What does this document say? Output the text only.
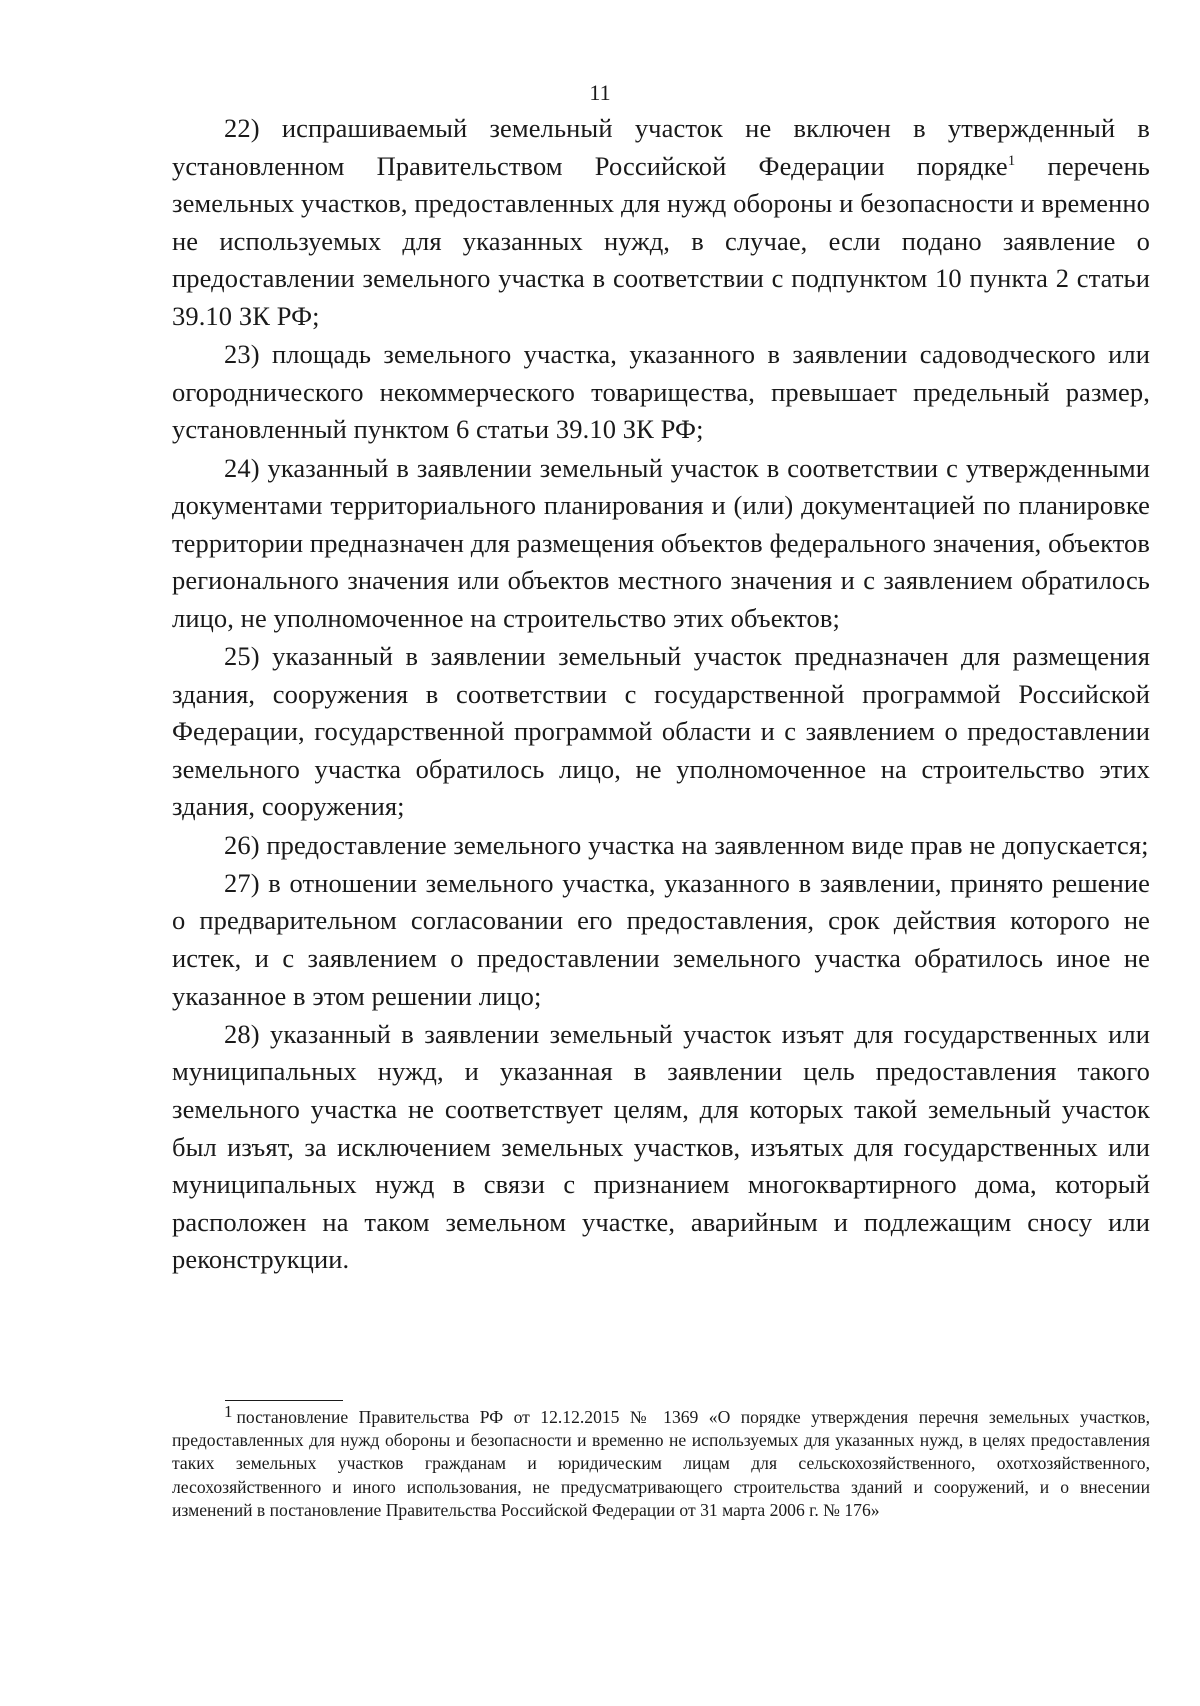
11

22) испрашиваемый земельный участок не включен в утвержденный в установленном Правительством Российской Федерации порядке$^1$ перечень земельных участков, предоставленных для нужд обороны и безопасности и временно не используемых для указанных нужд, в случае, если подано заявление о предоставлении земельного участка в соответствии с подпунктом 10 пункта 2 статьи 39.10 ЗК РФ;

23) площадь земельного участка, указанного в заявлении садоводческого или огороднического некоммерческого товарищества, превышает предельный размер, установленный пунктом 6 статьи 39.10 ЗК РФ;

24) указанный в заявлении земельный участок в соответствии с утвержденными документами территориального планирования и (или) документацией по планировке территории предназначен для размещения объектов федерального значения, объектов регионального значения или объектов местного значения и с заявлением обратилось лицо, не уполномоченное на строительство этих объектов;

25) указанный в заявлении земельный участок предназначен для размещения здания, сооружения в соответствии с государственной программой Российской Федерации, государственной программой области и с заявлением о предоставлении земельного участка обратилось лицо, не уполномоченное на строительство этих здания, сооружения;

26) предоставление земельного участка на заявленном виде прав не допускается;

27) в отношении земельного участка, указанного в заявлении, принято решение о предварительном согласовании его предоставления, срок действия которого не истек, и с заявлением о предоставлении земельного участка обратилось иное не указанное в этом решении лицо;

28) указанный в заявлении земельный участок изъят для государственных или муниципальных нужд, и указанная в заявлении цель предоставления такого земельного участка не соответствует целям, для которых такой земельный участок был изъят, за исключением земельных участков, изъятых для государственных или муниципальных нужд в связи с признанием многоквартирного дома, который расположен на таком земельном участке, аварийным и подлежащим сносу или реконструкции.

$^1$ постановление Правительства РФ от 12.12.2015 № 1369 «О порядке утверждения перечня земельных участков, предоставленных для нужд обороны и безопасности и временно не используемых для указанных нужд, в целях предоставления таких земельных участков гражданам и юридическим лицам для сельскохозяйственного, охотхозяйственного, лесохозяйственного и иного использования, не предусматривающего строительства зданий и сооружений, и о внесении изменений в постановление Правительства Российской Федерации от 31 марта 2006 г. № 176»
